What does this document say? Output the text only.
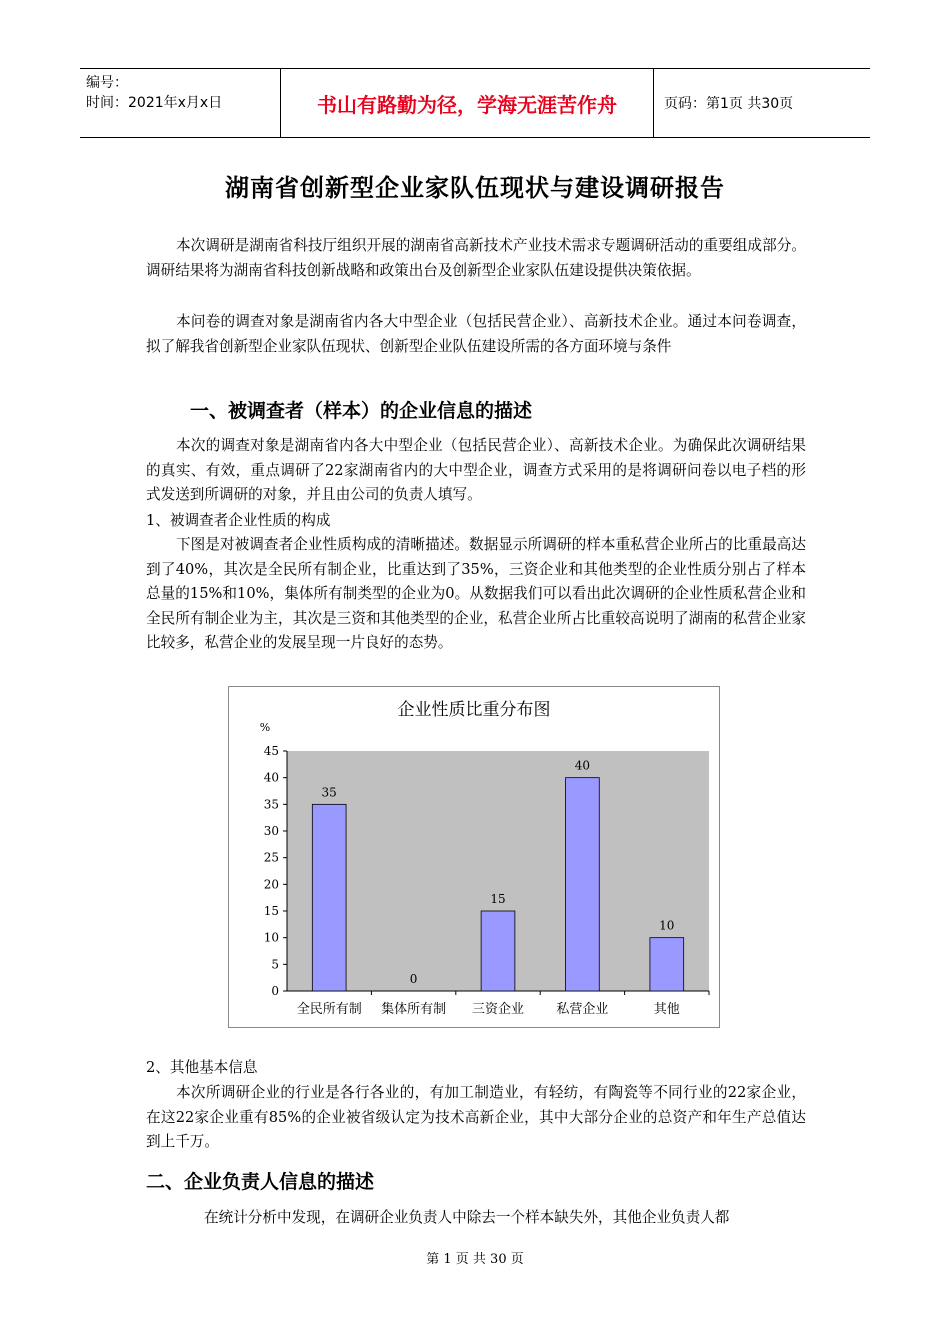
编号：
时间：2021年x月x日	书山有路勤为径，学海无涯苦作舟	页码：第1页 共30页
湖南省创新型企业家队伍现状与建设调研报告

本次调研是湖南省科技厅组织开展的湖南省高新技术产业技术需求专题调研活动的重要组成部分。调研结果将为湖南省科技创新战略和政策出台及创新型企业家队伍建设提供决策依据。

本问卷的调查对象是湖南省内各大中型企业（包括民营企业）、高新技术企业。通过本问卷调查，拟了解我省创新型企业家队伍现状、创新型企业队伍建设所需的各方面环境与条件

一、被调查者（样本）的企业信息的描述

本次的调查对象是湖南省内各大中型企业（包括民营企业）、高新技术企业。为确保此次调研结果的真实、有效，重点调研了22家湖南省内的大中型企业，调查方式采用的是将调研问卷以电子档的形式发送到所调研的对象，并且由公司的负责人填写。

1、被调查者企业性质的构成

下图是对被调查者企业性质构成的清晰描述。数据显示所调研的样本重私营企业所占的比重最高达到了40%，其次是全民所有制企业，比重达到了35%，三资企业和其他类型的企业性质分别占了样本总量的15%和10%，集体所有制类型的企业为0。从数据我们可以看出此次调研的企业性质私营企业和全民所有制企业为主，其次是三资和其他类型的企业，私营企业所占比重较高说明了湖南的私营企业家比较多，私营企业的发展呈现一片良好的态势。

企业性质比重分布图
%
0
5
10
15
20
25
30
35
40
45
35
全民所有制
0
集体所有制
15
三资企业
40
私营企业
10
其他

2、其他基本信息

本次所调研企业的行业是各行各业的，有加工制造业，有轻纺，有陶瓷等不同行业的22家企业，在这22家企业重有85%的企业被省级认定为技术高新企业，其中大部分企业的总资产和年生产总值达到上千万。

二、企业负责人信息的描述

在统计分析中发现，在调研企业负责人中除去一个样本缺失外，其他企业负责人都

第 1 页 共 30 页
